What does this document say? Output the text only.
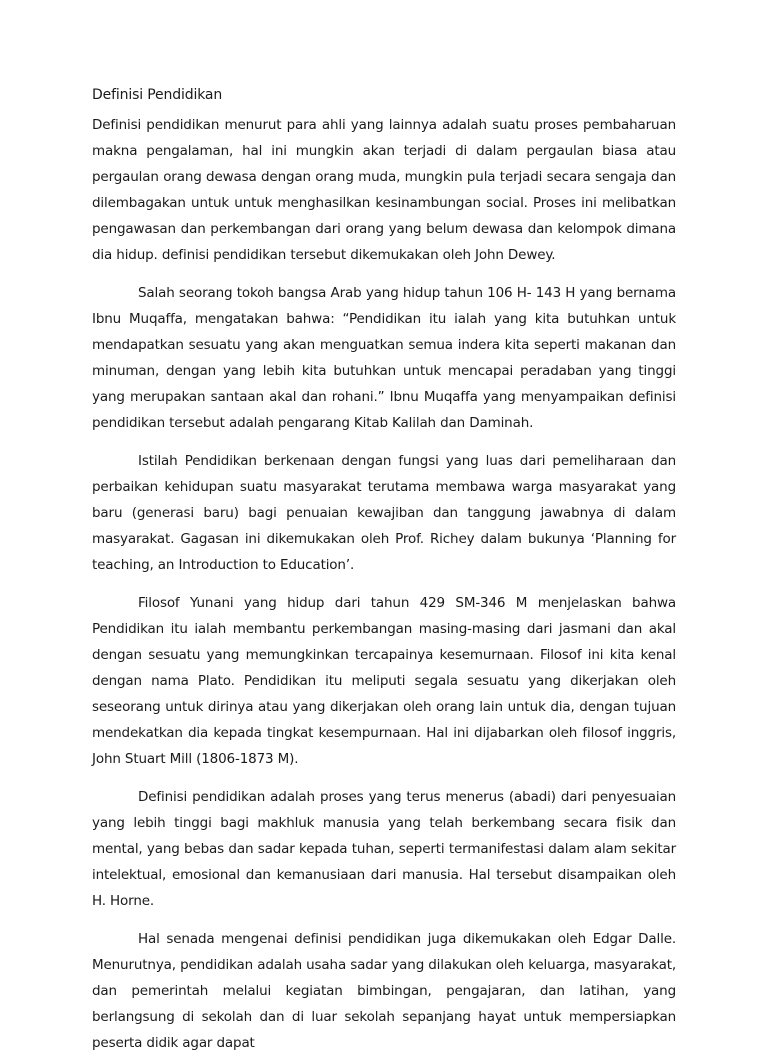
Definisi Pendidikan

Definisi pendidikan menurut para ahli yang lainnya adalah suatu proses pembaharuan makna pengalaman, hal ini mungkin akan terjadi di dalam pergaulan biasa atau pergaulan orang dewasa dengan orang muda, mungkin pula terjadi secara sengaja dan dilembagakan untuk untuk menghasilkan kesinambungan social. Proses ini melibatkan pengawasan dan perkembangan dari orang yang belum dewasa dan kelompok dimana dia hidup. definisi pendidikan tersebut dikemukakan oleh John Dewey.

Salah seorang tokoh bangsa Arab yang hidup tahun 106 H- 143 H yang bernama Ibnu Muqaffa, mengatakan bahwa: “Pendidikan itu ialah yang kita butuhkan untuk mendapatkan sesuatu yang akan menguatkan semua indera kita seperti makanan dan minuman, dengan yang lebih kita butuhkan untuk mencapai peradaban yang tinggi yang merupakan santaan akal dan rohani.” Ibnu Muqaffa yang menyampaikan definisi pendidikan tersebut adalah pengarang Kitab Kalilah dan Daminah.

Istilah Pendidikan berkenaan dengan fungsi yang luas dari pemeliharaan dan perbaikan kehidupan suatu masyarakat terutama membawa warga masyarakat yang baru (generasi baru) bagi penuaian kewajiban dan tanggung jawabnya di dalam masyarakat. Gagasan ini dikemukakan oleh Prof. Richey dalam bukunya ‘Planning for teaching, an Introduction to Education’.

Filosof Yunani yang hidup dari tahun 429 SM-346 M menjelaskan bahwa Pendidikan itu ialah membantu perkembangan masing-masing dari jasmani dan akal dengan sesuatu yang memungkinkan tercapainya kesemurnaan. Filosof ini kita kenal dengan nama Plato. Pendidikan itu meliputi segala sesuatu yang dikerjakan oleh seseorang untuk dirinya atau yang dikerjakan oleh orang lain untuk dia, dengan tujuan mendekatkan dia kepada tingkat kesempurnaan. Hal ini dijabarkan oleh filosof inggris, John Stuart Mill (1806-1873 M).

Definisi pendidikan adalah proses yang terus menerus (abadi) dari penyesuaian yang lebih tinggi bagi makhluk manusia yang telah berkembang secara fisik dan mental, yang bebas dan sadar kepada tuhan, seperti termanifestasi dalam alam sekitar intelektual, emosional dan kemanusiaan dari manusia. Hal tersebut disampaikan oleh H. Horne.

Hal senada mengenai definisi pendidikan juga dikemukakan oleh Edgar Dalle. Menurutnya, pendidikan adalah usaha sadar yang dilakukan oleh keluarga, masyarakat, dan pemerintah melalui kegiatan bimbingan, pengajaran, dan latihan, yang berlangsung di sekolah dan di luar sekolah sepanjang hayat untuk mempersiapkan peserta didik agar dapat
